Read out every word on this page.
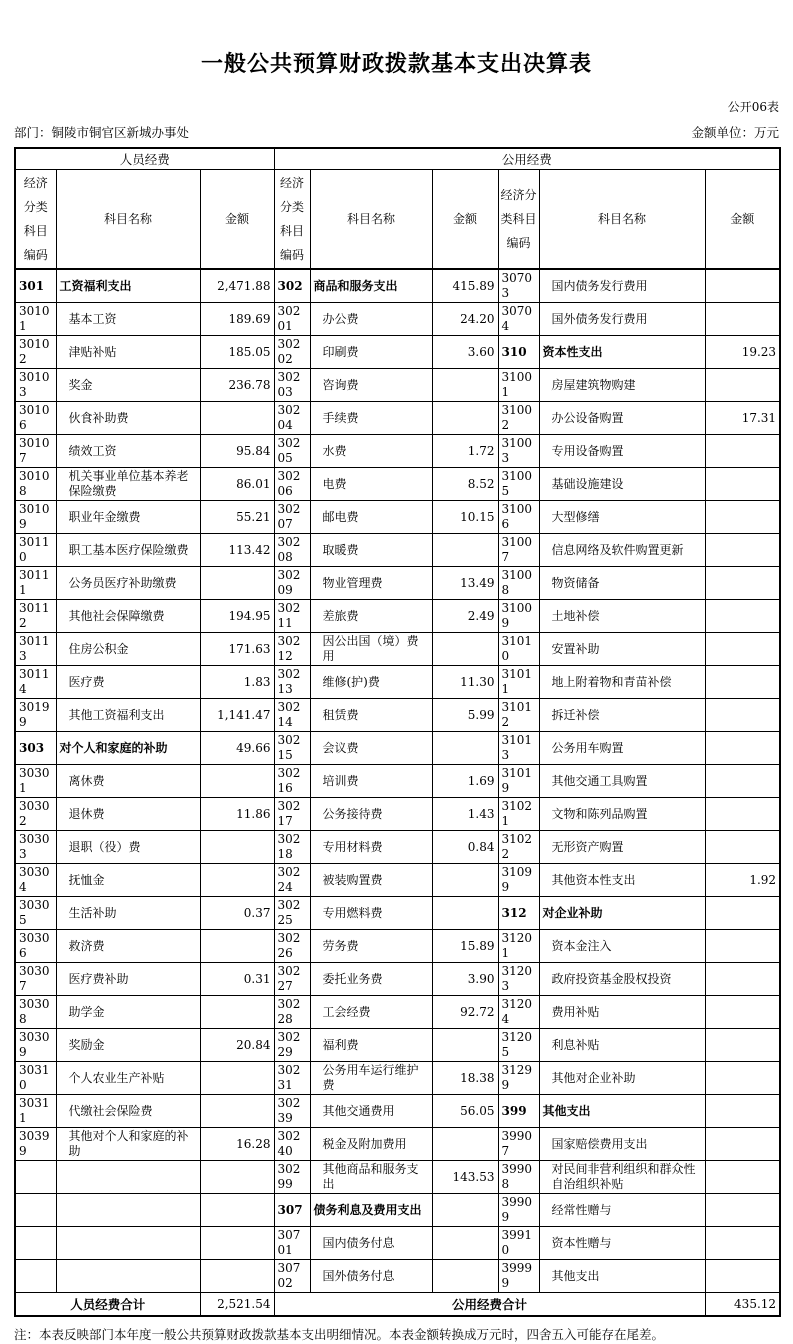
一般公共预算财政拨款基本支出决算表
公开06表
部门：铜陵市铜官区新城办事处	金额单位：万元
人员经费			公用经费					
经济分类科目编码	科目名称	金额	经济分类科目编码	科目名称	金额	经济分类科目编码	科目名称	金额
301	工资福利支出	2,471.88	302	商品和服务支出	415.89	30703	国内债务发行费用	
30101	基本工资	189.69	30201	办公费	24.20	30704	国外债务发行费用	
30102	津贴补贴	185.05	30202	印刷费	3.60	310	资本性支出	19.23
30103	奖金	236.78	30203	咨询费		31001	房屋建筑物购建	
30106	伙食补助费		30204	手续费		31002	办公设备购置	17.31
30107	绩效工资	95.84	30205	水费	1.72	31003	专用设备购置	
30108	机关事业单位基本养老保险缴费	86.01	30206	电费	8.52	31005	基础设施建设	
30109	职业年金缴费	55.21	30207	邮电费	10.15	31006	大型修缮	
30110	职工基本医疗保险缴费	113.42	30208	取暖费		31007	信息网络及软件购置更新	
30111	公务员医疗补助缴费		30209	物业管理费	13.49	31008	物资储备	
30112	其他社会保障缴费	194.95	30211	差旅费	2.49	31009	土地补偿	
30113	住房公积金	171.63	30212	因公出国（境）费用		31010	安置补助	
30114	医疗费	1.83	30213	维修(护)费	11.30	31011	地上附着物和青苗补偿	
30199	其他工资福利支出	1,141.47	30214	租赁费	5.99	31012	拆迁补偿	
303	对个人和家庭的补助	49.66	30215	会议费		31013	公务用车购置	
30301	离休费		30216	培训费	1.69	31019	其他交通工具购置	
30302	退休费	11.86	30217	公务接待费	1.43	31021	文物和陈列品购置	
30303	退职（役）费		30218	专用材料费	0.84	31022	无形资产购置	
30304	抚恤金		30224	被装购置费		31099	其他资本性支出	1.92
30305	生活补助	0.37	30225	专用燃料费		312	对企业补助	
30306	救济费		30226	劳务费	15.89	31201	资本金注入	
30307	医疗费补助	0.31	30227	委托业务费	3.90	31203	政府投资基金股权投资	
30308	助学金		30228	工会经费	92.72	31204	费用补贴	
30309	奖励金	20.84	30229	福利费		31205	利息补贴	
30310	个人农业生产补贴		30231	公务用车运行维护费	18.38	31299	其他对企业补助	
30311	代缴社会保险费		30239	其他交通费用	56.05	399	其他支出	
30399	其他对个人和家庭的补助	16.28	30240	税金及附加费用		39907	国家赔偿费用支出	
			30299	其他商品和服务支出	143.53	39908	对民间非营利组织和群众性自治组织补贴	
			307	债务利息及费用支出		39909	经常性赠与	
			30701	国内债务付息		39910	资本性赠与	
			30702	国外债务付息		39999	其他支出	
人员经费合计		2,521.54	公用经费合计					435.12
注：本表反映部门本年度一般公共预算财政拨款基本支出明细情况。本表金额转换成万元时，四舍五入可能存在尾差。
